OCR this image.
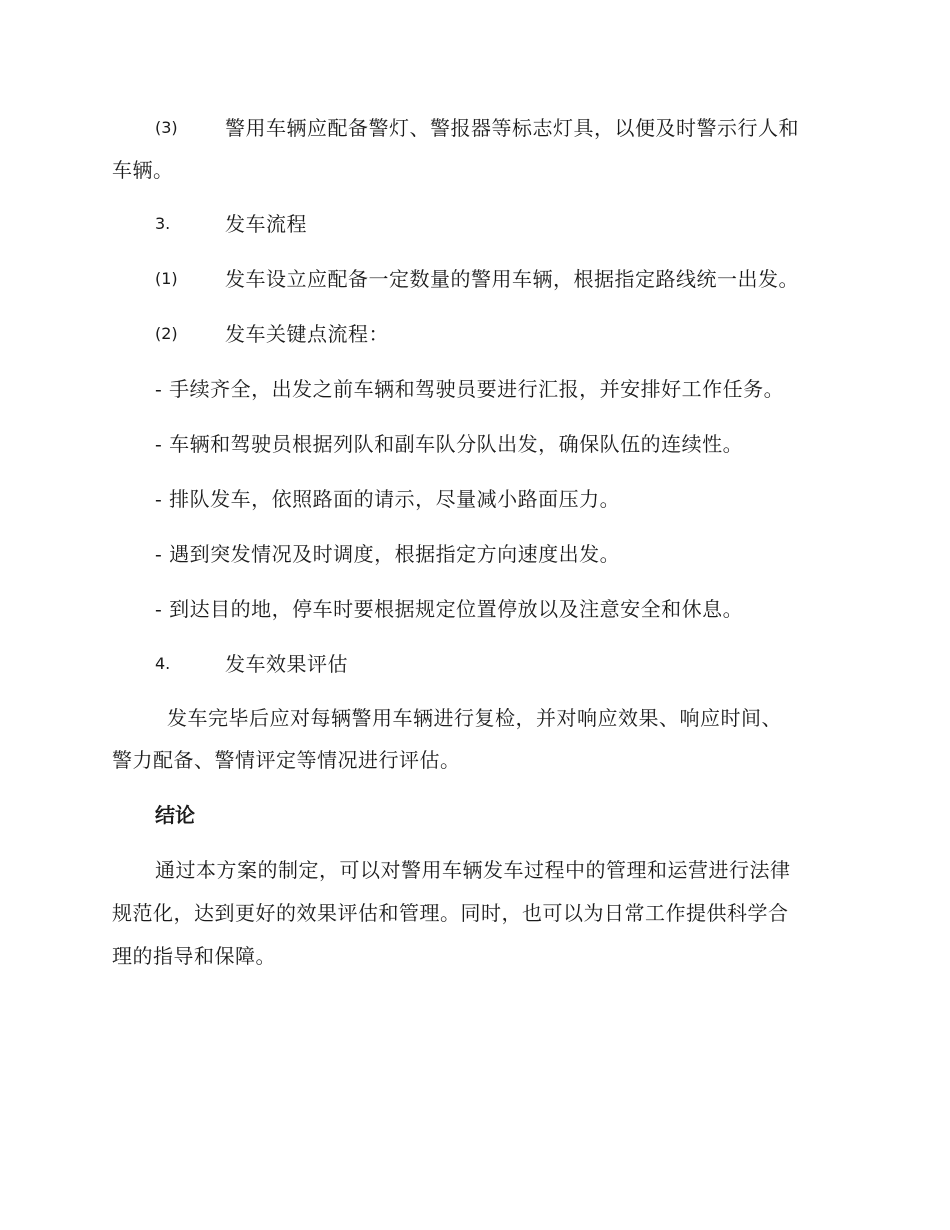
(3) 警用车辆应配备警灯、警报器等标志灯具，以便及时警示行人和
车辆。
3.	发车流程
(1) 发车设立应配备一定数量的警用车辆，根据指定路线统一出发。
(2) 发车关键点流程：
- 手续齐全，出发之前车辆和驾驶员要进行汇报，并安排好工作任务。
- 车辆和驾驶员根据列队和副车队分队出发，确保队伍的连续性。
- 排队发车，依照路面的请示，尽量减小路面压力。
- 遇到突发情况及时调度，根据指定方向速度出发。
- 到达目的地，停车时要根据规定位置停放以及注意安全和休息。
4.	发车效果评估
发车完毕后应对每辆警用车辆进行复检，并对响应效果、响应时间、
警力配备、警情评定等情况进行评估。
结论
通过本方案的制定，可以对警用车辆发车过程中的管理和运营进行法律
规范化，达到更好的效果评估和管理。同时，也可以为日常工作提供科学合
理的指导和保障。
